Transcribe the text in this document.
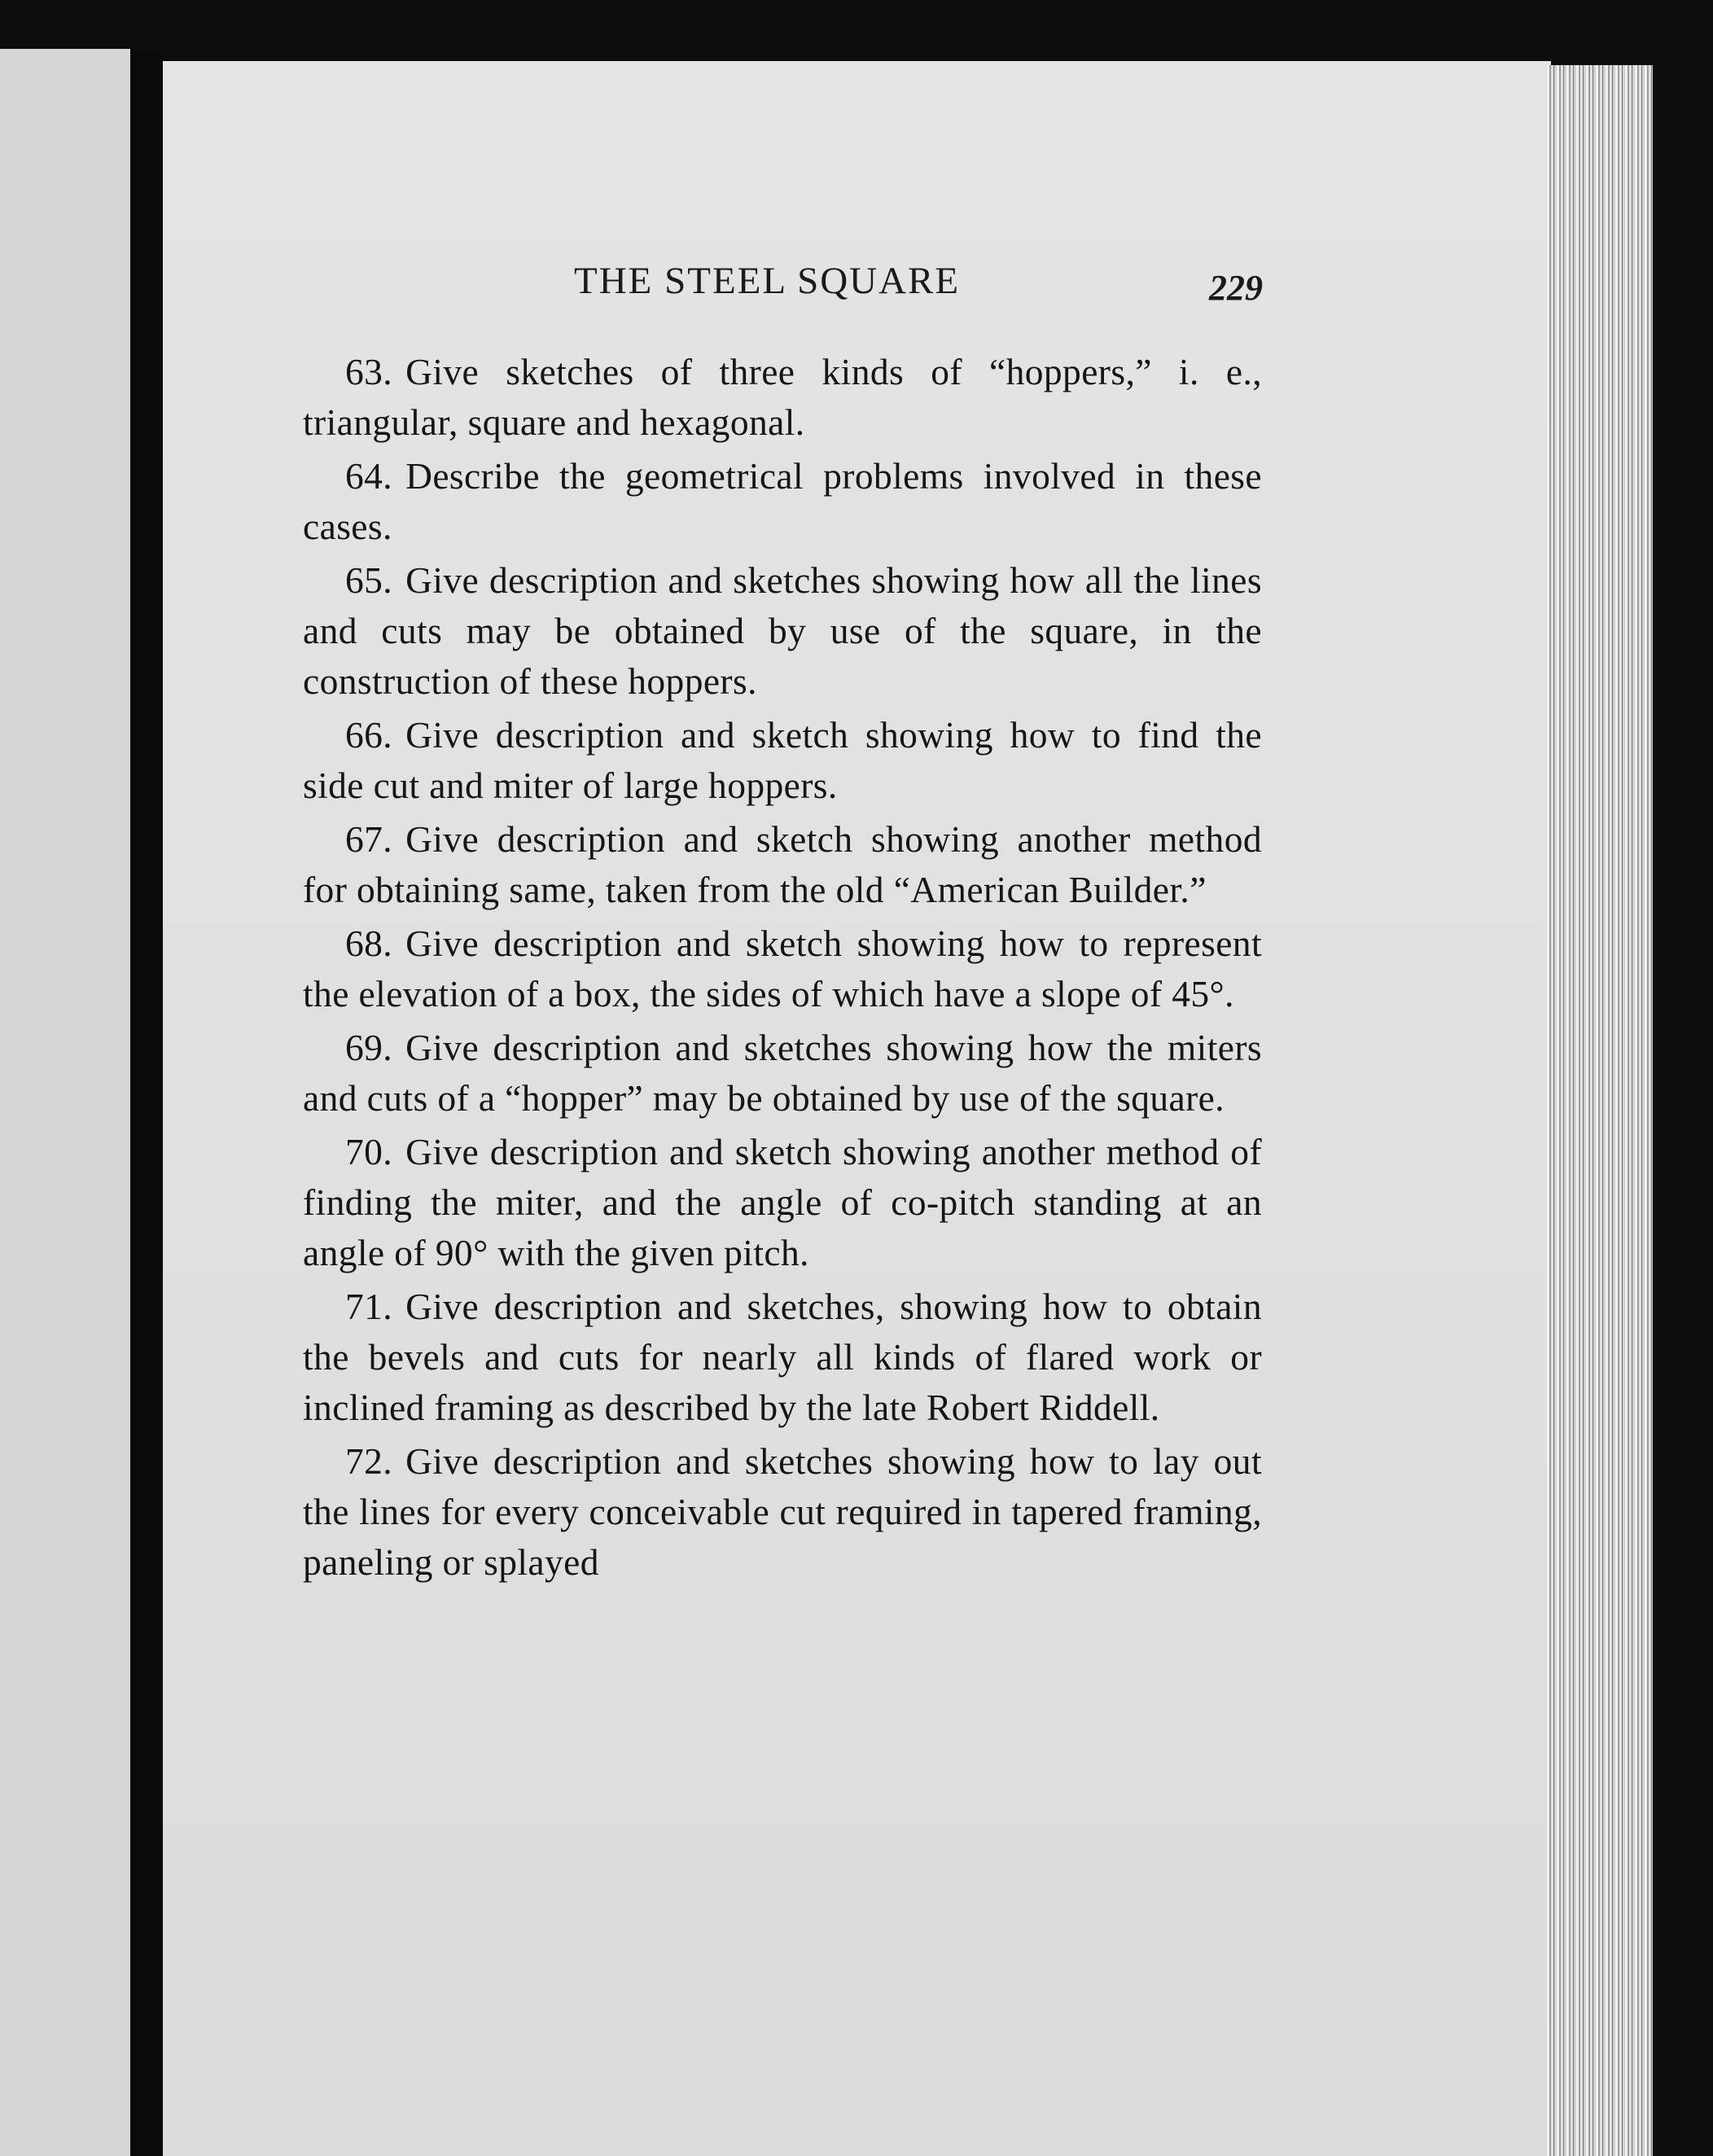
THE STEEL SQUARE	229

63. Give sketches of three kinds of “hoppers,” i. e., triangular, square and hexagonal.

64. Describe the geometrical problems involved in these cases.

65. Give description and sketches showing how all the lines and cuts may be obtained by use of the square, in the construction of these hoppers.

66. Give description and sketch showing how to find the side cut and miter of large hoppers.

67. Give description and sketch showing another method for obtaining same, taken from the old “American Builder.”

68. Give description and sketch showing how to represent the elevation of a box, the sides of which have a slope of 45°.

69. Give description and sketches showing how the miters and cuts of a “hopper” may be obtained by use of the square.

70. Give description and sketch showing another method of finding the miter, and the angle of co-pitch standing at an angle of 90° with the given pitch.

71. Give description and sketches, showing how to obtain the bevels and cuts for nearly all kinds of flared work or inclined framing as described by the late Robert Riddell.

72. Give description and sketches showing how to lay out the lines for every conceivable cut required in tapered framing, paneling or splayed
